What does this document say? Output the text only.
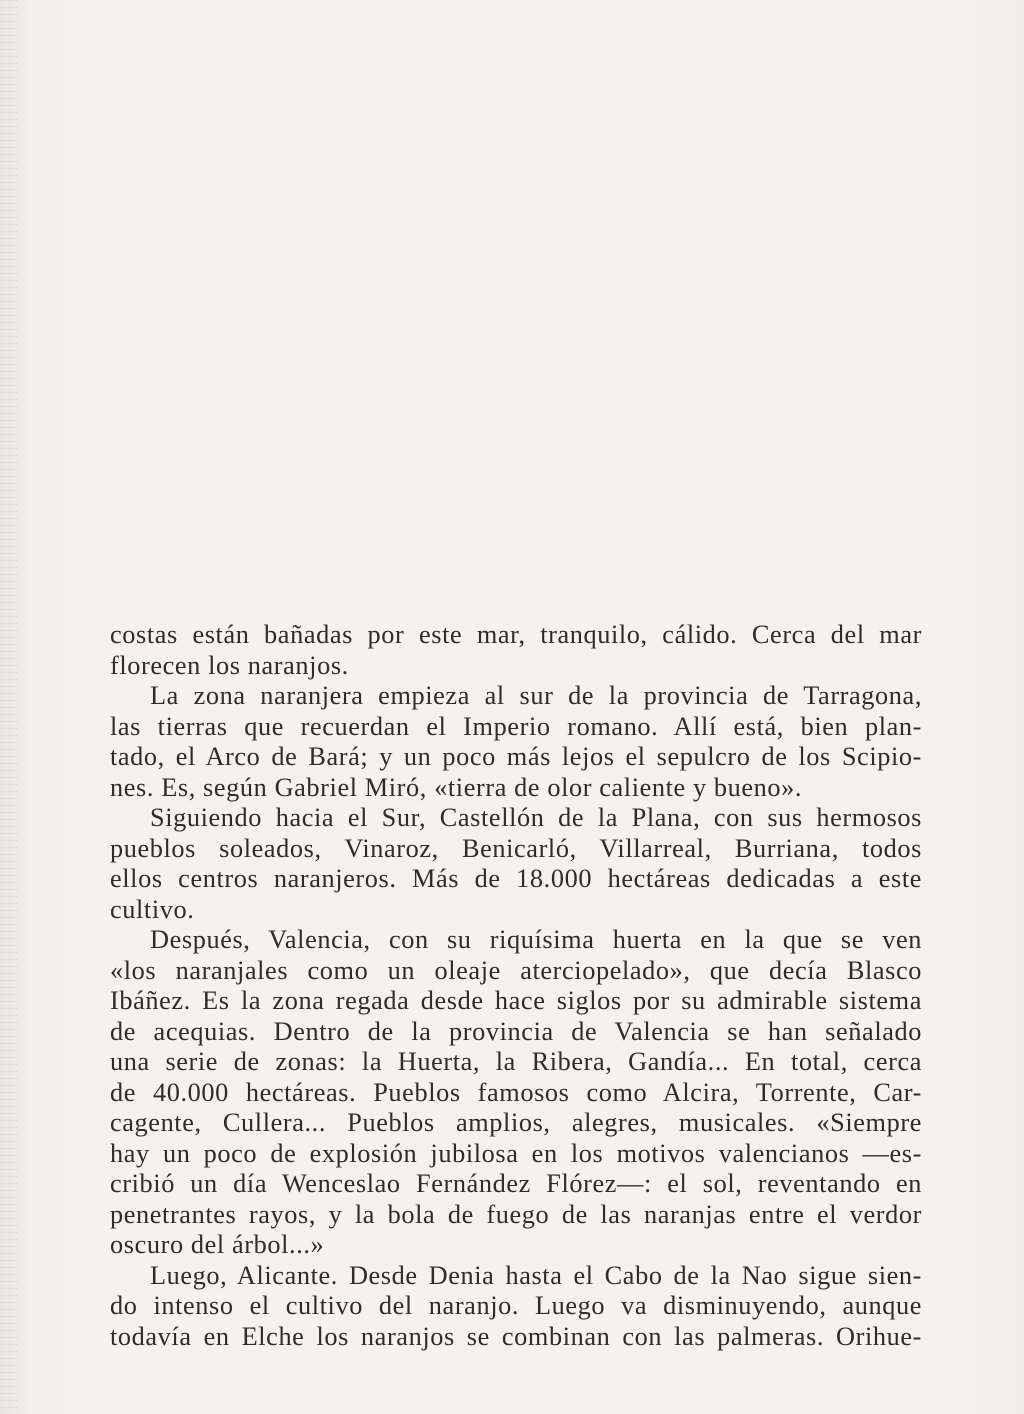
costas están bañadas por este mar, tranquilo, cálido. Cerca del mar
florecen los naranjos.
La zona naranjera empieza al sur de la provincia de Tarragona,
las tierras que recuerdan el Imperio romano. Allí está, bien plan-
tado, el Arco de Bará; y un poco más lejos el sepulcro de los Scipio-
nes. Es, según Gabriel Miró, «tierra de olor caliente y bueno».
Siguiendo hacia el Sur, Castellón de la Plana, con sus hermosos
pueblos soleados, Vinaroz, Benicarló, Villarreal, Burriana, todos
ellos centros naranjeros. Más de 18.000 hectáreas dedicadas a este
cultivo.
Después, Valencia, con su riquísima huerta en la que se ven
«los naranjales como un oleaje aterciopelado», que decía Blasco
Ibáñez. Es la zona regada desde hace siglos por su admirable sistema
de acequias. Dentro de la provincia de Valencia se han señalado
una serie de zonas: la Huerta, la Ribera, Gandía... En total, cerca
de 40.000 hectáreas. Pueblos famosos como Alcira, Torrente, Car-
cagente, Cullera... Pueblos amplios, alegres, musicales. «Siempre
hay un poco de explosión jubilosa en los motivos valencianos —es-
cribió un día Wenceslao Fernández Flórez—: el sol, reventando en
penetrantes rayos, y la bola de fuego de las naranjas entre el verdor
oscuro del árbol...»
Luego, Alicante. Desde Denia hasta el Cabo de la Nao sigue sien-
do intenso el cultivo del naranjo. Luego va disminuyendo, aunque
todavía en Elche los naranjos se combinan con las palmeras. Orihue-
